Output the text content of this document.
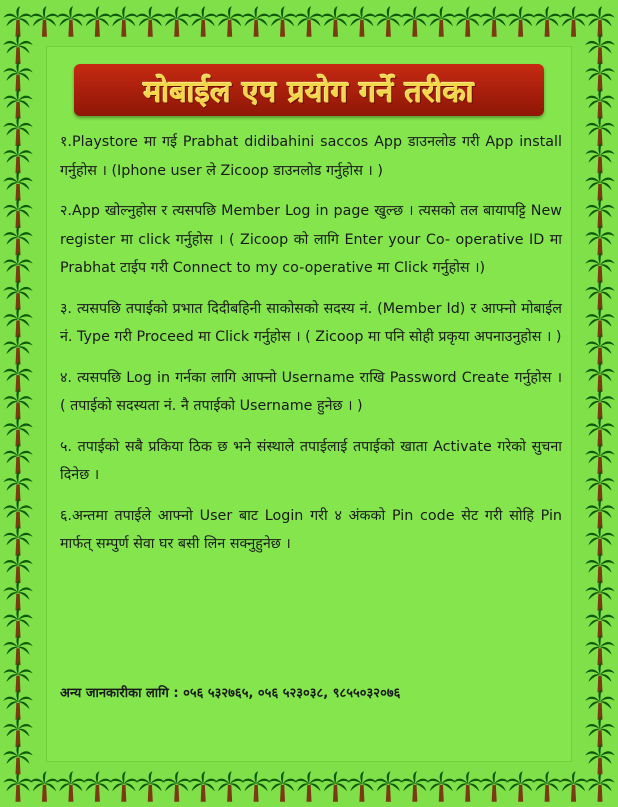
मोबाईल एप प्रयोग गर्ने तरीका

१.Playstore मा गई Prabhat didibahini saccos App डाउनलोड गरी App install गर्नुहोस । (Iphone user ले Zicoop डाउनलोड गर्नुहोस । )

२.App खोल्नुहोस र त्यसपछि Member Log in page खुल्छ । त्यसको तल बायापट्टि New register मा click गर्नुहोस । ( Zicoop को लागि Enter your Co- operative ID मा Prabhat टाईप गरी Connect to my co-operative मा Click गर्नुहोस ।)

३. त्यसपछि तपाईको प्रभात दिदीबहिनी साकोसको सदस्य नं. (Member Id) र आफ्नो मोबाईल नं. Type गरी Proceed मा Click गर्नुहोस । ( Zicoop मा पनि सोही प्रकृया अपनाउनुहोस । )

४. त्यसपछि Log in गर्नका लागि आफ्नो Username राखि Password Create गर्नुहोस । ( तपाईको सदस्यता नं. नै तपाईको Username हुनेछ । )

५. तपाईको सबै प्रकिया ठिक छ भने संस्थाले तपाईलाई तपाईको खाता Activate गरेको सुचना दिनेछ ।

६.अन्तमा तपाईले आफ्नो User बाट Login गरी ४ अंकको Pin code सेट गरी सोहि Pin मार्फत् सम्पुर्ण सेवा घर बसी लिन सक्नुहुनेछ ।

अन्य जानकारीका लागि : ०५६ ५३२७६५, ०५६ ५२३०३८, ९८५५०३२०७६
